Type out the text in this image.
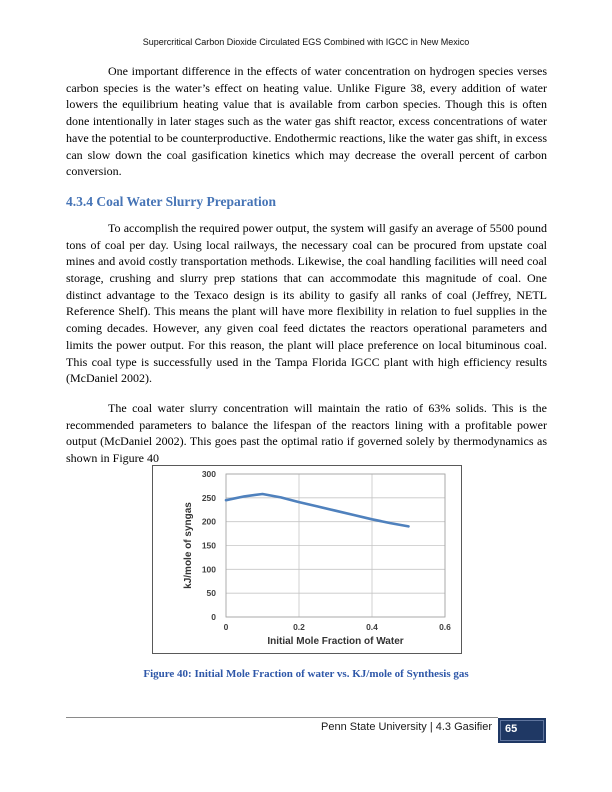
Supercritical Carbon Dioxide Circulated EGS Combined with IGCC in New Mexico

One important difference in the effects of water concentration on hydrogen species verses carbon species is the water’s effect on heating value. Unlike Figure 38, every addition of water lowers the equilibrium heating value that is available from carbon species. Though this is often done intentionally in later stages such as the water gas shift reactor, excess concentrations of water have the potential to be counterproductive. Endothermic reactions, like the water gas shift, in excess can slow down the coal gasification kinetics which may decrease the overall percent of carbon conversion.

4.3.4 Coal Water Slurry Preparation

To accomplish the required power output, the system will gasify an average of 5500 pound tons of coal per day. Using local railways, the necessary coal can be procured from upstate coal mines and avoid costly transportation methods. Likewise, the coal handling facilities will need coal storage, crushing and slurry prep stations that can accommodate this magnitude of coal. One distinct advantage to the Texaco design is its ability to gasify all ranks of coal (Jeffrey, NETL Reference Shelf). This means the plant will have more flexibility in relation to fuel supplies in the coming decades. However, any given coal feed dictates the reactors operational parameters and limits the power output. For this reason, the plant will place preference on local bituminous coal. This coal type is successfully used in the Tampa Florida IGCC plant with high efficiency results (McDaniel 2002).

The coal water slurry concentration will maintain the ratio of 63% solids. This is the recommended parameters to balance the lifespan of the reactors lining with a profitable power output (McDaniel 2002). This goes past the optimal ratio if governed solely by thermodynamics as shown in Figure 40

0
50
100
150
200
250
300
0	0.2	0.4	0.6
Initial Mole Fraction of Water
kJ/mole of syngas
Figure 40: Initial Mole Fraction of water vs. KJ/mole of Synthesis gas
Penn State University | 4.3 Gasifier 65
